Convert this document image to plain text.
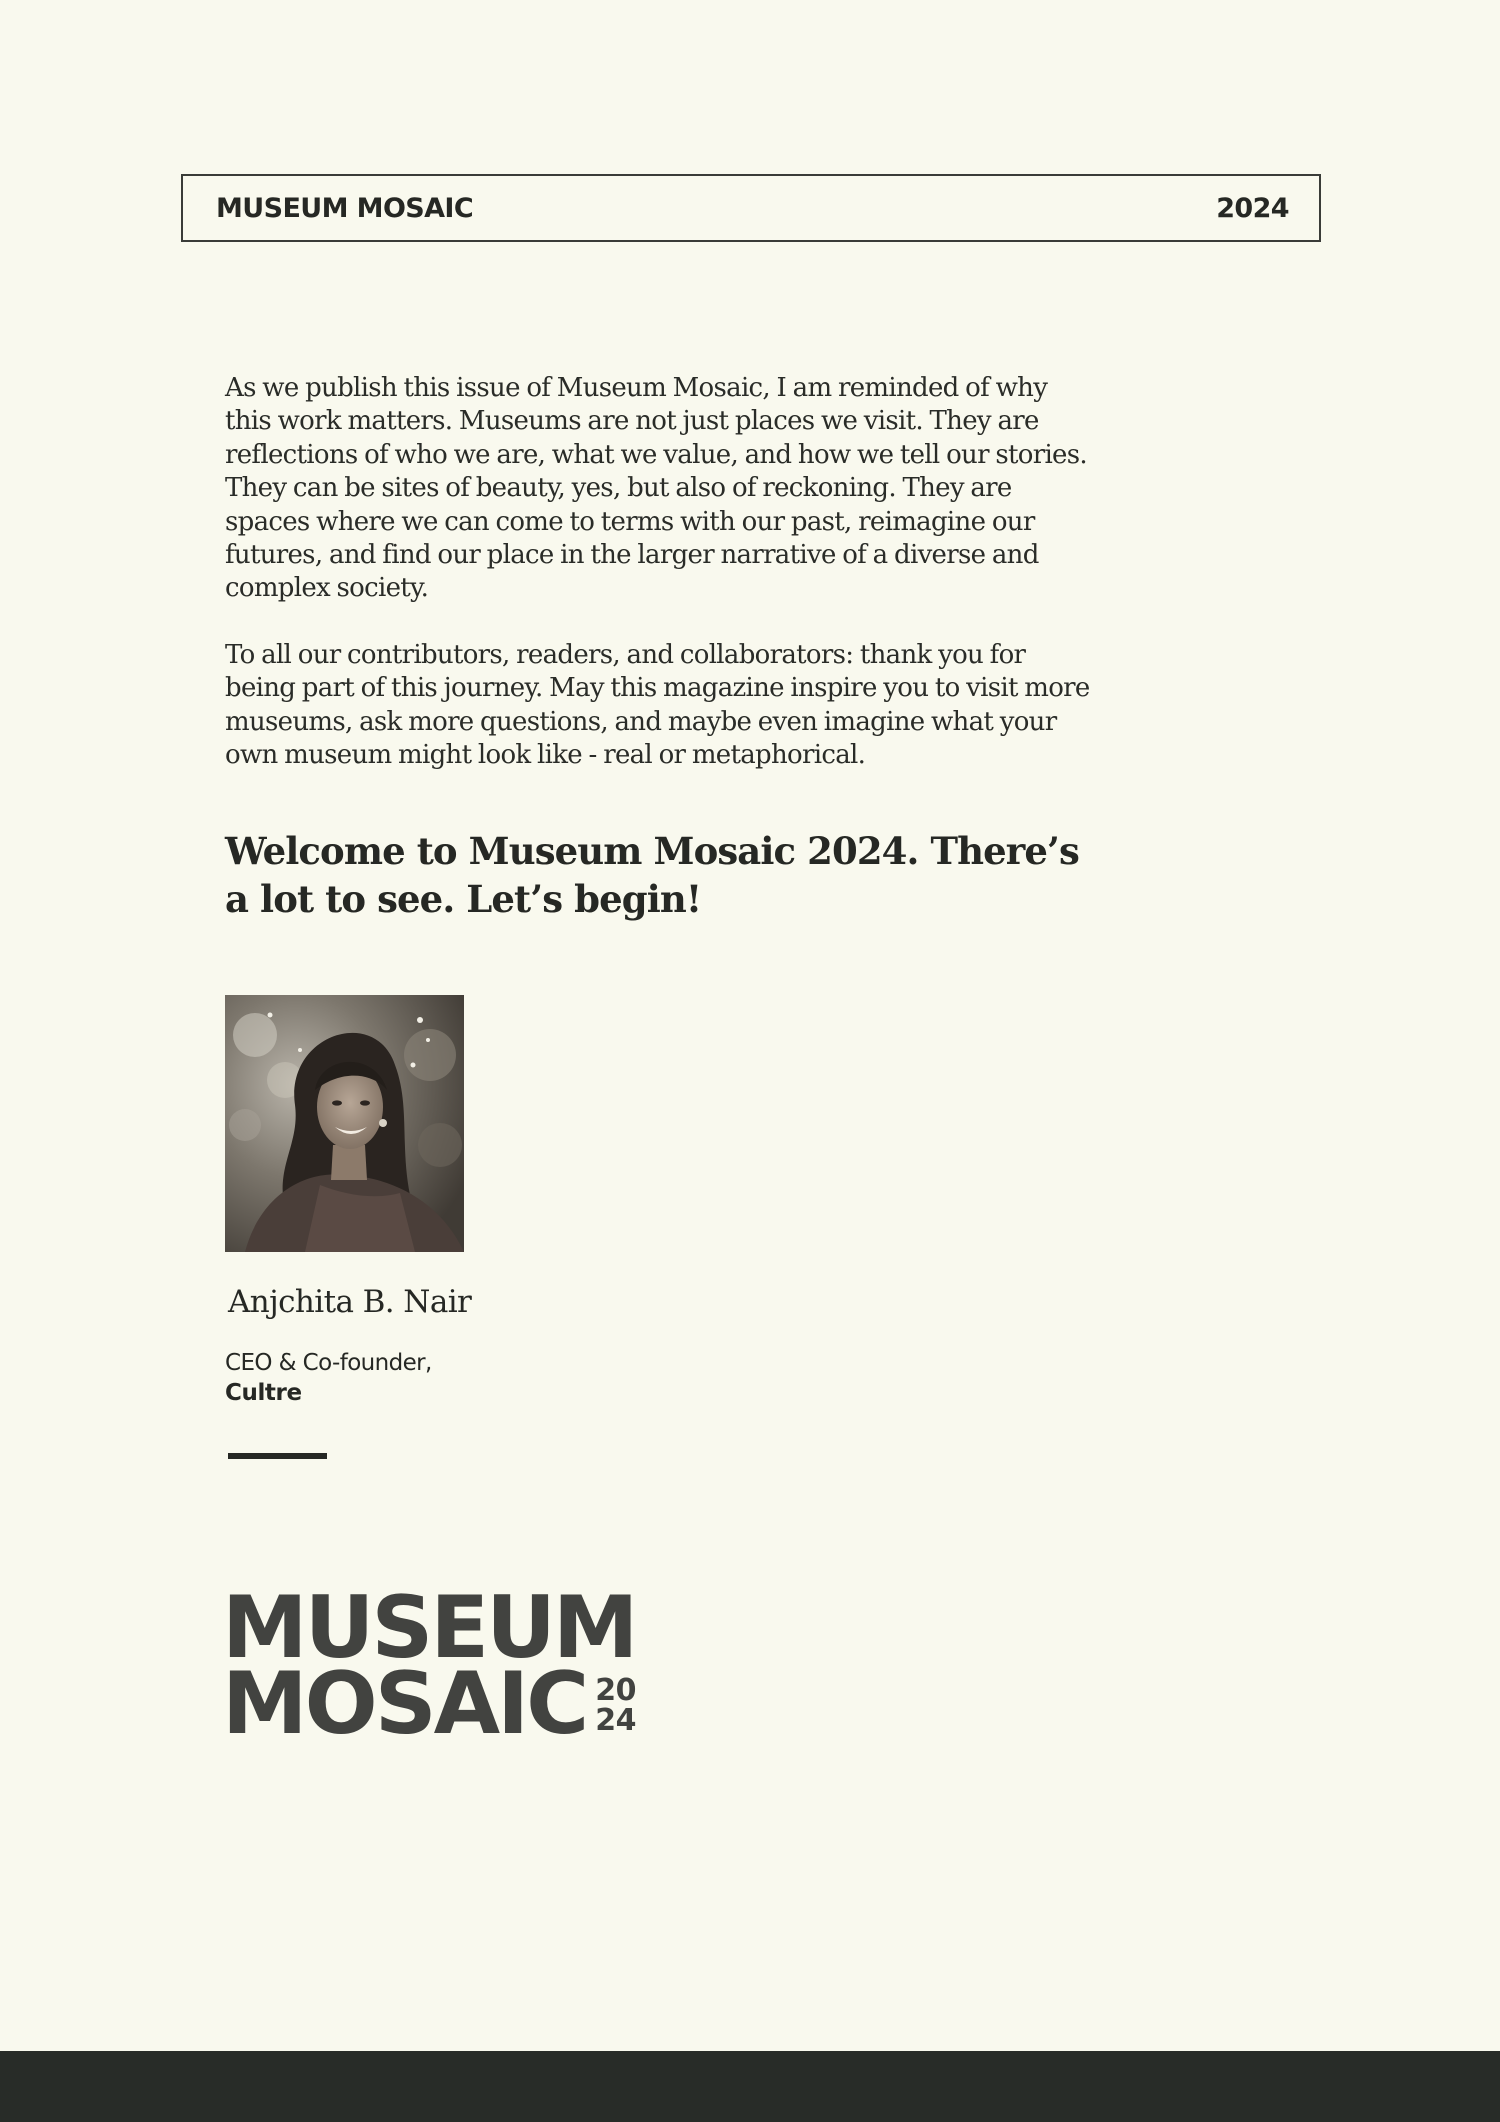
MUSEUM MOSAIC	2024

As we publish this issue of Museum Mosaic, I am reminded of why this work matters. Museums are not just places we visit. They are reflections of who we are, what we value, and how we tell our stories. They can be sites of beauty, yes, but also of reckoning. They are spaces where we can come to terms with our past, reimagine our futures, and find our place in the larger narrative of a diverse and complex society.

To all our contributors, readers, and collaborators: thank you for being part of this journey. May this magazine inspire you to visit more museums, ask more questions, and maybe even imagine what your own museum might look like - real or metaphorical.

Welcome to Museum Mosaic 2024. There’s a lot to see. Let’s begin!
Anjchita B. Nair
CEO & Co-founder,
Cultre
MUSEUM
MOSAIC 20
24
